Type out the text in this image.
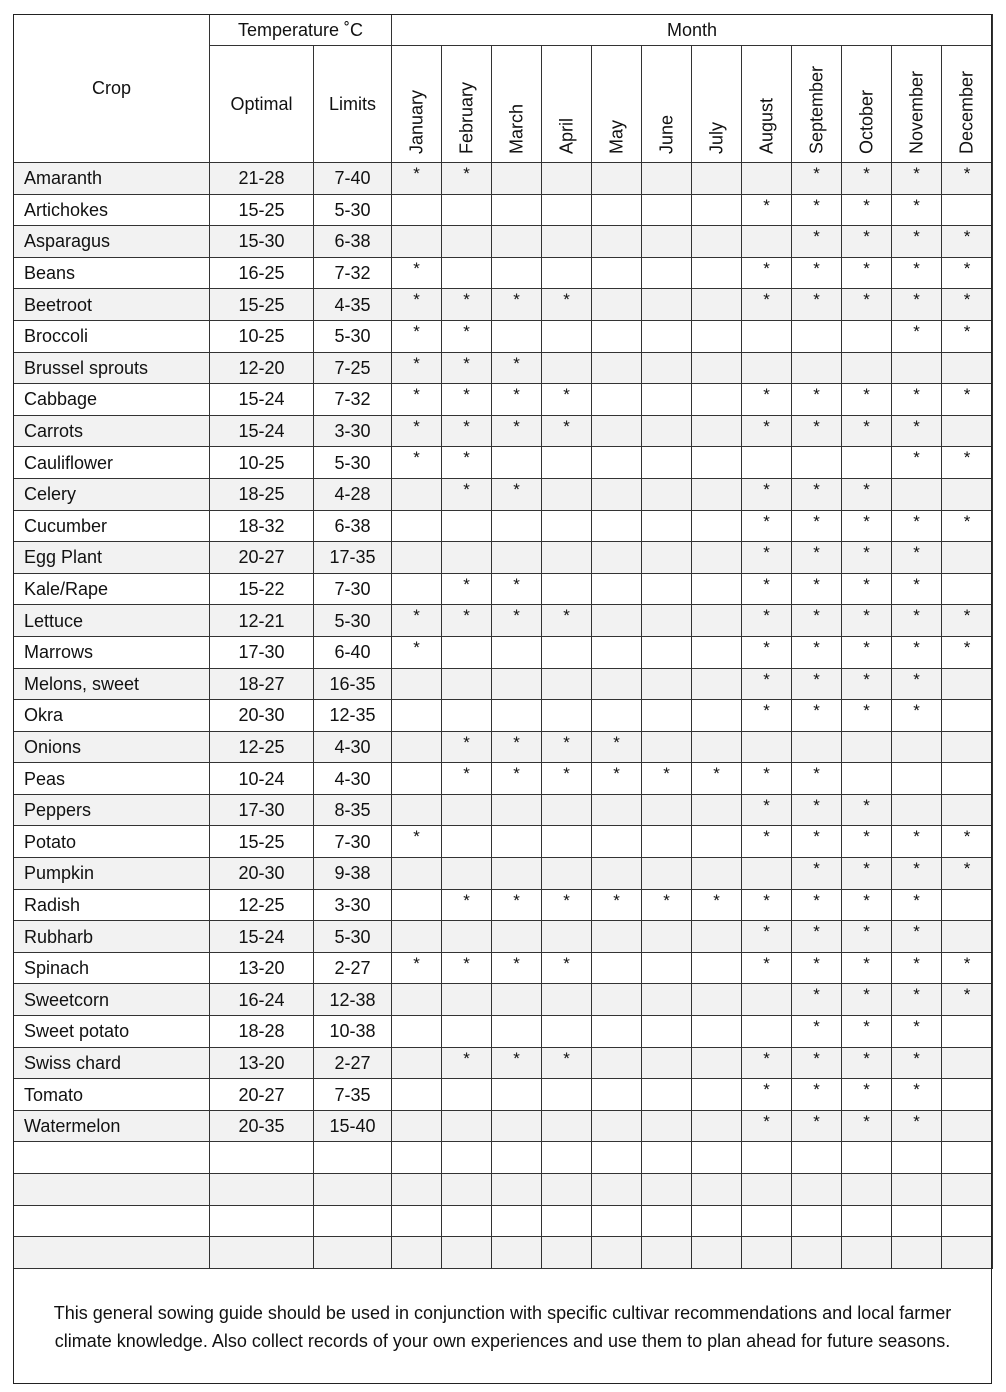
Crop	Temperature ˚C		Month											
	Optimal	Limits	January	February	March	April	May	June	July	August	September	October	November	December

Amaranth	21-28	7-40	*	*							*	*	*	*
Artichokes	15-25	5-30								*	*	*	*	
Asparagus	15-30	6-38									*	*	*	*
Beans	16-25	7-32	*							*	*	*	*	*
Beetroot	15-25	4-35	*	*	*	*				*	*	*	*	*
Broccoli	10-25	5-30	*	*									*	*
Brussel sprouts	12-20	7-25	*	*	*									
Cabbage	15-24	7-32	*	*	*	*				*	*	*	*	*
Carrots	15-24	3-30	*	*	*	*				*	*	*	*	
Cauliflower	10-25	5-30	*	*									*	*
Celery	18-25	4-28		*	*					*	*	*		
Cucumber	18-32	6-38								*	*	*	*	*
Egg Plant	20-27	17-35								*	*	*	*	
Kale/Rape	15-22	7-30		*	*					*	*	*	*	
Lettuce	12-21	5-30	*	*	*	*				*	*	*	*	*
Marrows	17-30	6-40	*							*	*	*	*	*
Melons, sweet	18-27	16-35								*	*	*	*	
Okra	20-30	12-35								*	*	*	*	
Onions	12-25	4-30		*	*	*	*							
Peas	10-24	4-30		*	*	*	*	*	*	*	*			
Peppers	17-30	8-35								*	*	*		
Potato	15-25	7-30	*							*	*	*	*	*
Pumpkin	20-30	9-38									*	*	*	*
Radish	12-25	3-30		*	*	*	*	*	*	*	*	*	*	
Rubharb	15-24	5-30								*	*	*	*	
Spinach	13-20	2-27	*	*	*	*				*	*	*	*	*
Sweetcorn	16-24	12-38									*	*	*	*
Sweet potato	18-28	10-38									*	*	*	
Swiss chard	13-20	2-27		*	*	*				*	*	*	*	
Tomato	20-27	7-35								*	*	*	*	
Watermelon	20-35	15-40								*	*	*	*	

This general sowing guide should be used in conjunction with specific cultivar recommendations and local farmer climate knowledge. Also collect records of your own experiences and use them to plan ahead for future seasons.
